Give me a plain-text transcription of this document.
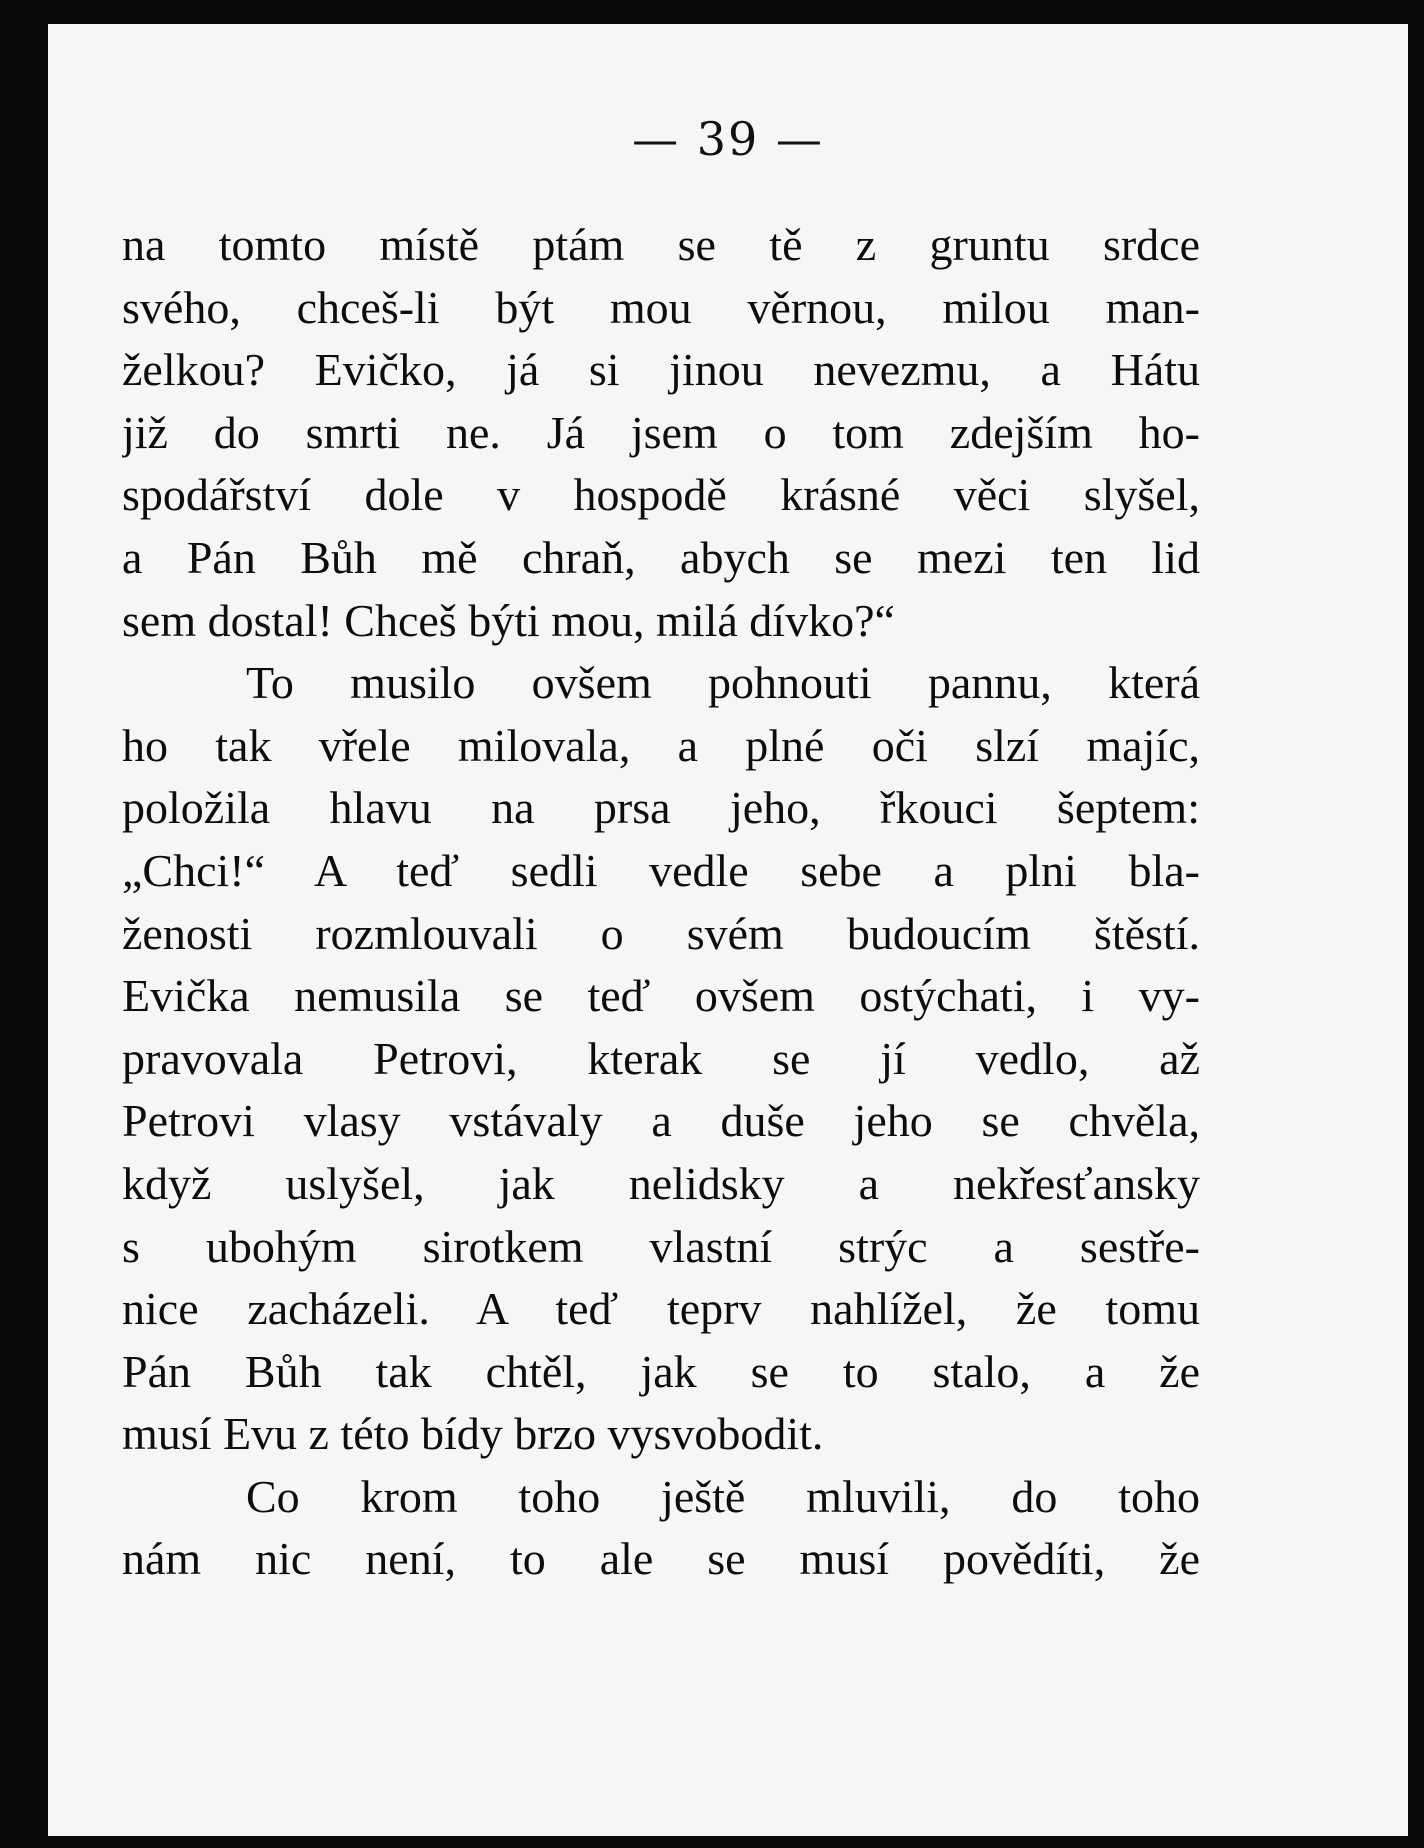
— 39 —
na tomto místě ptám se tě z gruntu srdce
svého, chceš-li být mou věrnou, milou man-
želkou? Evičko, já si jinou nevezmu, a Hátu
již do smrti ne. Já jsem o tom zdejším ho-
spodářství dole v hospodě krásné věci slyšel,
a Pán Bůh mě chraň, abych se mezi ten lid
sem dostal! Chceš býti mou, milá dívko?“
To musilo ovšem pohnouti pannu, která
ho tak vřele milovala, a plné oči slzí majíc,
položila hlavu na prsa jeho, řkouci šeptem:
„Chci!“ A teď sedli vedle sebe a plni bla-
ženosti rozmlouvali o svém budoucím štěstí.
Evička nemusila se teď ovšem ostýchati, i vy-
pravovala Petrovi, kterak se jí vedlo, až
Petrovi vlasy vstávaly a duše jeho se chvěla,
když uslyšel, jak nelidsky a nekřesťansky
s ubohým sirotkem vlastní strýc a sestře-
nice zacházeli. A teď teprv nahlížel, že tomu
Pán Bůh tak chtěl, jak se to stalo, a že
musí Evu z této bídy brzo vysvobodit.
Co krom toho ještě mluvili, do toho
nám nic není, to ale se musí povědíti, že
